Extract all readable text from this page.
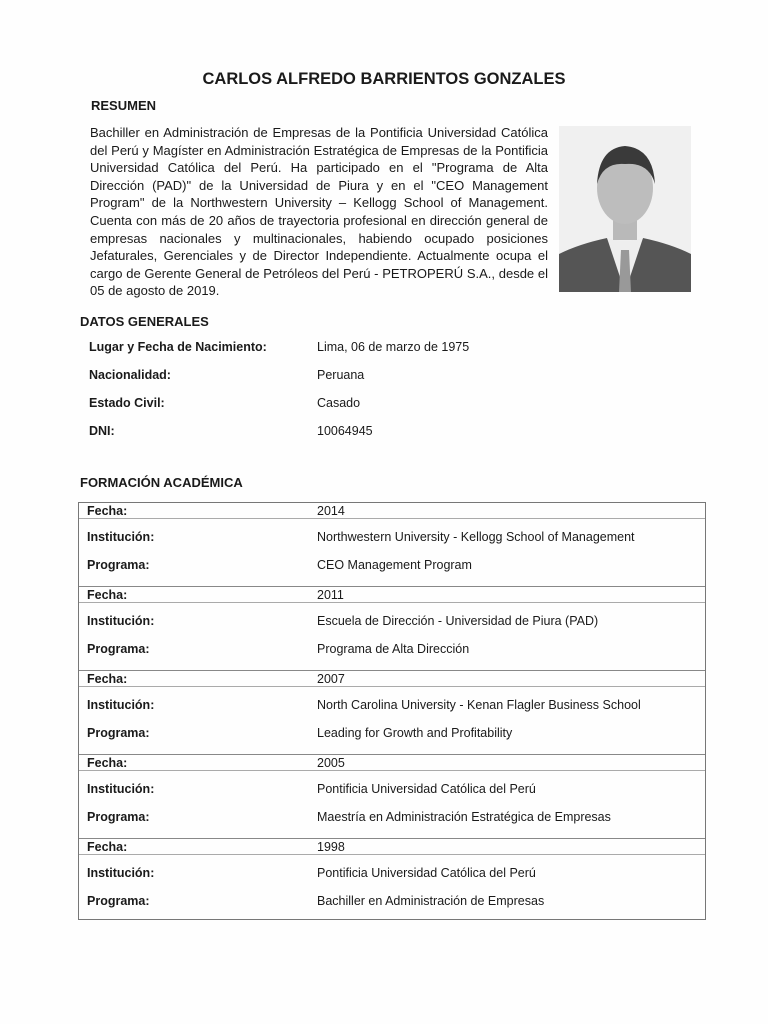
CARLOS ALFREDO BARRIENTOS GONZALES
RESUMEN
Bachiller en Administración de Empresas de la Pontificia Universidad Católica del Perú y Magíster en Administración Estratégica de Empresas de la Pontificia Universidad Católica del Perú. Ha participado en el "Programa de Alta Dirección (PAD)" de la Universidad de Piura y en el "CEO Management Program" de la Northwestern University – Kellogg School of Management. Cuenta con más de 20 años de trayectoria profesional en dirección general de empresas nacionales y multinacionales, habiendo ocupado posiciones Jefaturales, Gerenciales y de Director Independiente. Actualmente ocupa el cargo de Gerente General de Petróleos del Perú - PETROPERÚ S.A., desde el 05 de agosto de 2019.
DATOS GENERALES
FORMACIÓN ACADÉMICA
Fecha:	2014
Institución:	Northwestern University - Kellogg School of Management
Programa:	CEO Management Program
Fecha:	2011
Institución:	Escuela de Dirección - Universidad de Piura (PAD)
Programa:	Programa de Alta Dirección
Fecha:	2007
Institución:	North Carolina University - Kenan Flagler Business School
Programa:	Leading for Growth and Profitability
Fecha:	2005
Institución:	Pontificia Universidad Católica del Perú
Programa:	Maestría en Administración Estratégica de Empresas
Fecha:	1998
Institución:	Pontificia Universidad Católica del Perú
Programa:	Bachiller en Administración de Empresas
Lugar y Fecha de Nacimiento:	Lima, 06 de marzo de 1975
Nacionalidad:	Peruana
Estado Civil:	Casado
DNI:	10064945
